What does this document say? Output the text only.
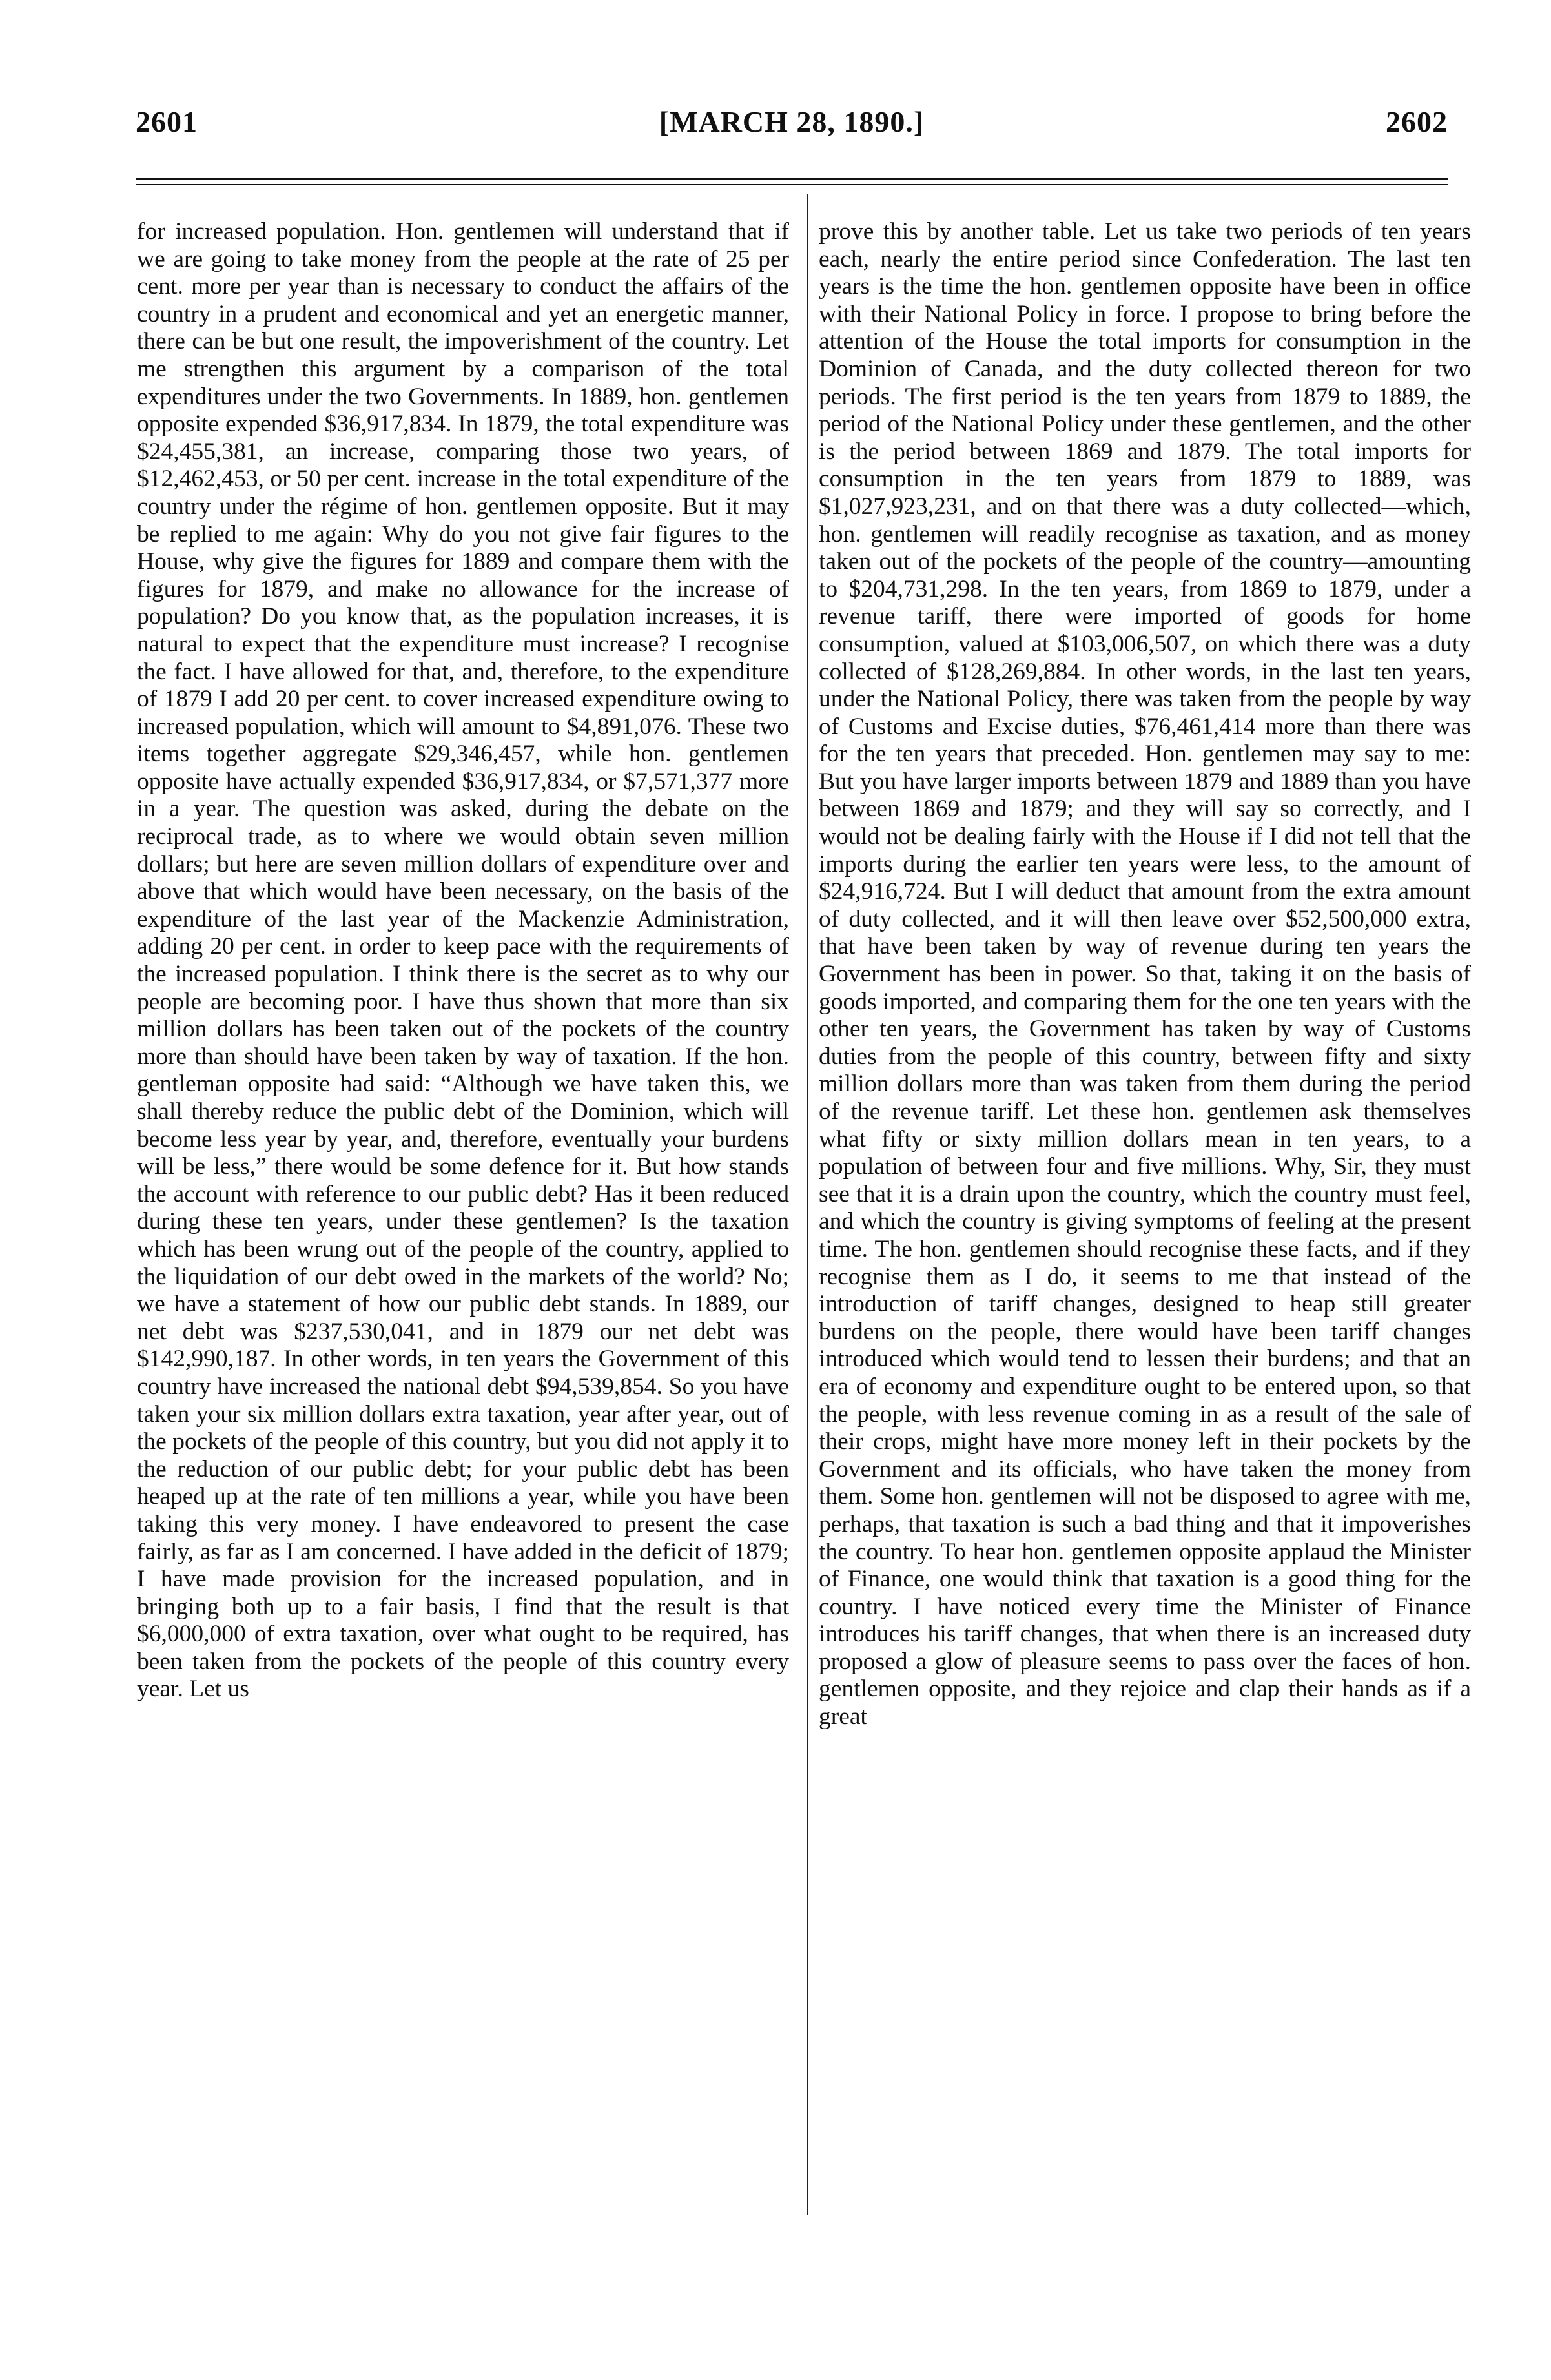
2601	[MARCH 28, 1890.]	2602

for increased population. Hon. gentlemen will understand that if we are going to take money from the people at the rate of 25 per cent. more per year than is necessary to conduct the affairs of the country in a prudent and economical and yet an energetic manner, there can be but one result, the impoverishment of the country. Let me strengthen this argument by a comparison of the total expenditures under the two Governments. In 1889, hon. gentlemen opposite expended $36,917,834. In 1879, the total expenditure was $24,455,381, an increase, comparing those two years, of $12,462,453, or 50 per cent. increase in the total expenditure of the country under the régime of hon. gentlemen opposite. But it may be replied to me again: Why do you not give fair figures to the House, why give the figures for 1889 and compare them with the figures for 1879, and make no allowance for the increase of population? Do you know that, as the population increases, it is natural to expect that the expenditure must increase? I recognise the fact. I have allowed for that, and, therefore, to the expenditure of 1879 I add 20 per cent. to cover increased expenditure owing to increased population, which will amount to $4,891,076. These two items together aggregate $29,346,457, while hon. gentlemen opposite have actually expended $36,917,834, or $7,571,377 more in a year. The question was asked, during the debate on the reciprocal trade, as to where we would obtain seven million dollars; but here are seven million dollars of expenditure over and above that which would have been necessary, on the basis of the expenditure of the last year of the Mackenzie Administration, adding 20 per cent. in order to keep pace with the requirements of the increased population. I think there is the secret as to why our people are becoming poor. I have thus shown that more than six million dollars has been taken out of the pockets of the country more than should have been taken by way of taxation. If the hon. gentleman opposite had said: “Although we have taken this, we shall thereby reduce the public debt of the Dominion, which will become less year by year, and, therefore, eventually your burdens will be less,” there would be some defence for it. But how stands the account with reference to our public debt? Has it been reduced during these ten years, under these gentlemen? Is the taxation which has been wrung out of the people of the country, applied to the liquidation of our debt owed in the markets of the world? No; we have a statement of how our public debt stands. In 1889, our net debt was $237,530,041, and in 1879 our net debt was $142,990,187. In other words, in ten years the Government of this country have increased the national debt $94,539,854. So you have taken your six million dollars extra taxation, year after year, out of the pockets of the people of this country, but you did not apply it to the reduction of our public debt; for your public debt has been heaped up at the rate of ten millions a year, while you have been taking this very money. I have endeavored to present the case fairly, as far as I am concerned. I have added in the deficit of 1879; I have made provision for the increased population, and in bringing both up to a fair basis, I find that the result is that $6,000,000 of extra taxation, over what ought to be required, has been taken from the pockets of the people of this country every year. Let us

prove this by another table. Let us take two periods of ten years each, nearly the entire period since Confederation. The last ten years is the time the hon. gentlemen opposite have been in office with their National Policy in force. I propose to bring before the attention of the House the total imports for consumption in the Dominion of Canada, and the duty collected thereon for two periods. The first period is the ten years from 1879 to 1889, the period of the National Policy under these gentlemen, and the other is the period between 1869 and 1879. The total imports for consumption in the ten years from 1879 to 1889, was $1,027,923,231, and on that there was a duty collected—which, hon. gentlemen will readily recognise as taxation, and as money taken out of the pockets of the people of the country—amounting to $204,731,298. In the ten years, from 1869 to 1879, under a revenue tariff, there were imported of goods for home consumption, valued at $103,006,507, on which there was a duty collected of $128,269,884. In other words, in the last ten years, under the National Policy, there was taken from the people by way of Customs and Excise duties, $76,461,414 more than there was for the ten years that preceded. Hon. gentlemen may say to me: But you have larger imports between 1879 and 1889 than you have between 1869 and 1879; and they will say so correctly, and I would not be dealing fairly with the House if I did not tell that the imports during the earlier ten years were less, to the amount of $24,916,724. But I will deduct that amount from the extra amount of duty collected, and it will then leave over $52,500,000 extra, that have been taken by way of revenue during ten years the Government has been in power. So that, taking it on the basis of goods imported, and comparing them for the one ten years with the other ten years, the Government has taken by way of Customs duties from the people of this country, between fifty and sixty million dollars more than was taken from them during the period of the revenue tariff. Let these hon. gentlemen ask themselves what fifty or sixty million dollars mean in ten years, to a population of between four and five millions. Why, Sir, they must see that it is a drain upon the country, which the country must feel, and which the country is giving symptoms of feeling at the present time. The hon. gentlemen should recognise these facts, and if they recognise them as I do, it seems to me that instead of the introduction of tariff changes, designed to heap still greater burdens on the people, there would have been tariff changes introduced which would tend to lessen their burdens; and that an era of economy and expenditure ought to be entered upon, so that the people, with less revenue coming in as a result of the sale of their crops, might have more money left in their pockets by the Government and its officials, who have taken the money from them. Some hon. gentlemen will not be disposed to agree with me, perhaps, that taxation is such a bad thing and that it impoverishes the country. To hear hon. gentlemen opposite applaud the Minister of Finance, one would think that taxation is a good thing for the country. I have noticed every time the Minister of Finance introduces his tariff changes, that when there is an increased duty proposed a glow of pleasure seems to pass over the faces of hon. gentlemen opposite, and they rejoice and clap their hands as if a great
